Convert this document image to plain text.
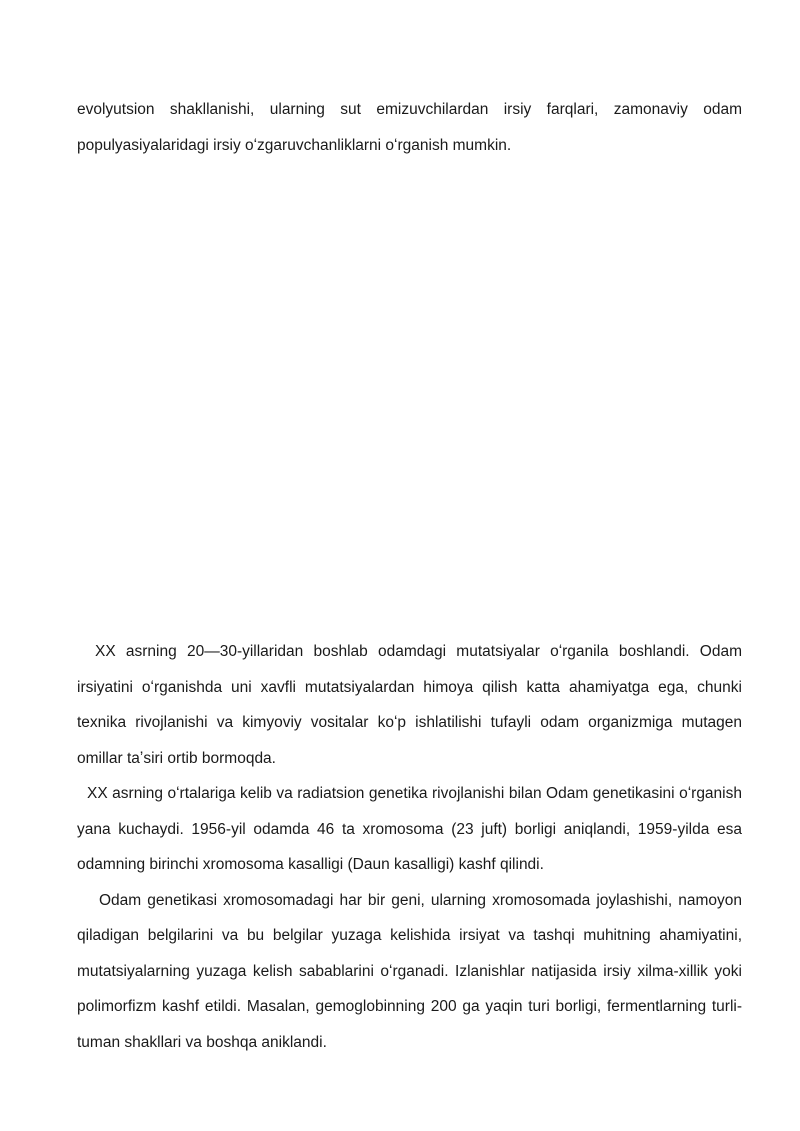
evolyutsion shakllanishi, ularning sut emizuvchilardan irsiy farqlari, zamonaviy odam populyasiyalaridagi irsiy oʻzgaruvchanliklarni oʻrganish mumkin.

XX asrning 20—30-yillaridan boshlab odamdagi mutatsiyalar oʻrganila boshlandi. Odam irsiyatini oʻrganishda uni xavfli mutatsiyalardan himoya qilish katta ahamiyatga ega, chunki texnika rivojlanishi va kimyoviy vositalar koʻp ishlatilishi tufayli odam organizmiga mutagen omillar taʼsiri ortib bormoqda.

XX asrning oʻrtalariga kelib va radiatsion genetika rivojlanishi bilan Odam genetikasini oʻrganish yana kuchaydi. 1956-yil odamda 46 ta xromosoma (23 juft) borligi aniqlandi, 1959-yilda esa odamning birinchi xromosoma kasalligi (Daun kasalligi) kashf qilindi.

Odam genetikasi xromosomadagi har bir geni, ularning xromosomada joylashishi, namoyon qiladigan belgilarini va bu belgilar yuzaga kelishida irsiyat va tashqi muhitning ahamiyatini, mutatsiyalarning yuzaga kelish sabablarini oʻrganadi. Izlanishlar natijasida irsiy xilma-xillik yoki polimorfizm kashf etildi. Masalan, gemoglobinning 200 ga yaqin turi borligi, fermentlarning turli-tuman shakllari va boshqa aniklandi.
